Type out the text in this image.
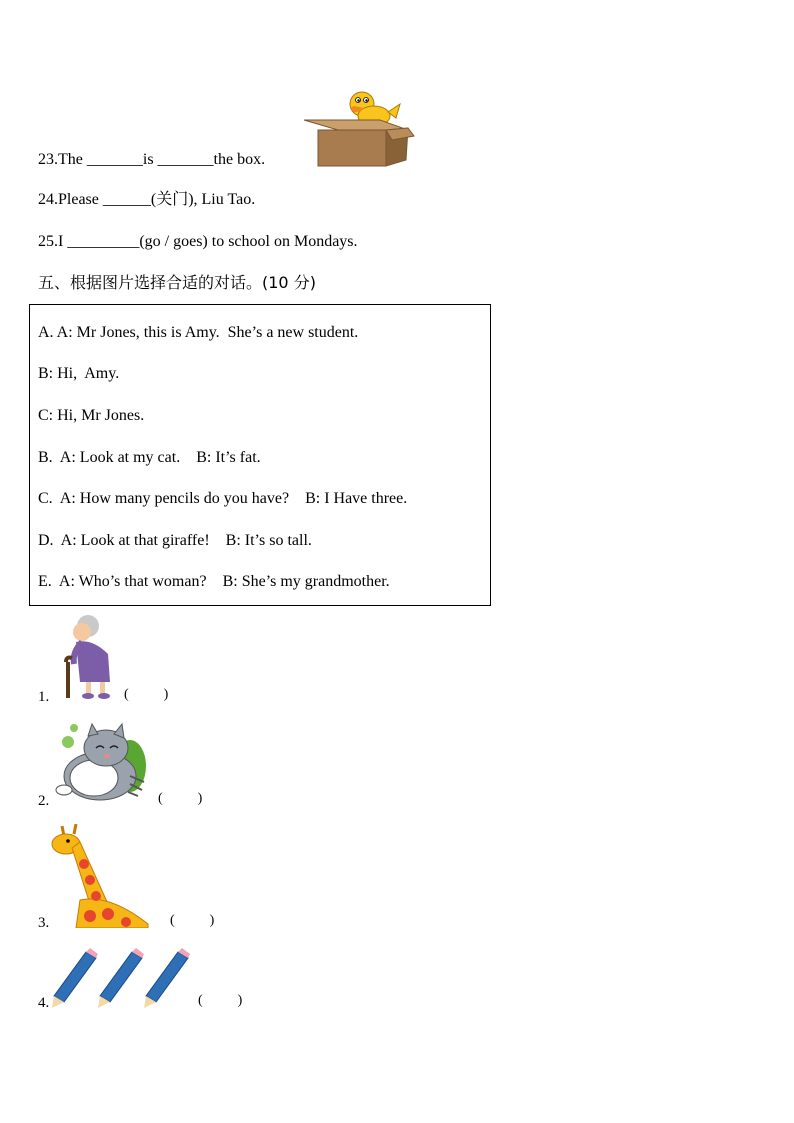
23.The _______is _______the box.
24.Please ______(关门), Liu Tao.
25.I _________(go / goes) to school on Mondays.
五、根据图片选择合适的对话。(10 分)
A. A: Mr Jones, this is Amy.  She’s a new student.
B: Hi,  Amy.
C: Hi, Mr Jones.
B.  A: Look at my cat.    B: It’s fat.
C.  A: How many pencils do you have?    B: I Have three.
D.  A: Look at that giraffe!    B: It’s so tall.
E.  A: Who’s that woman?    B: She’s my grandmother.
1.	(          )
2.	(          )
3.	(          )
4.	(          )
